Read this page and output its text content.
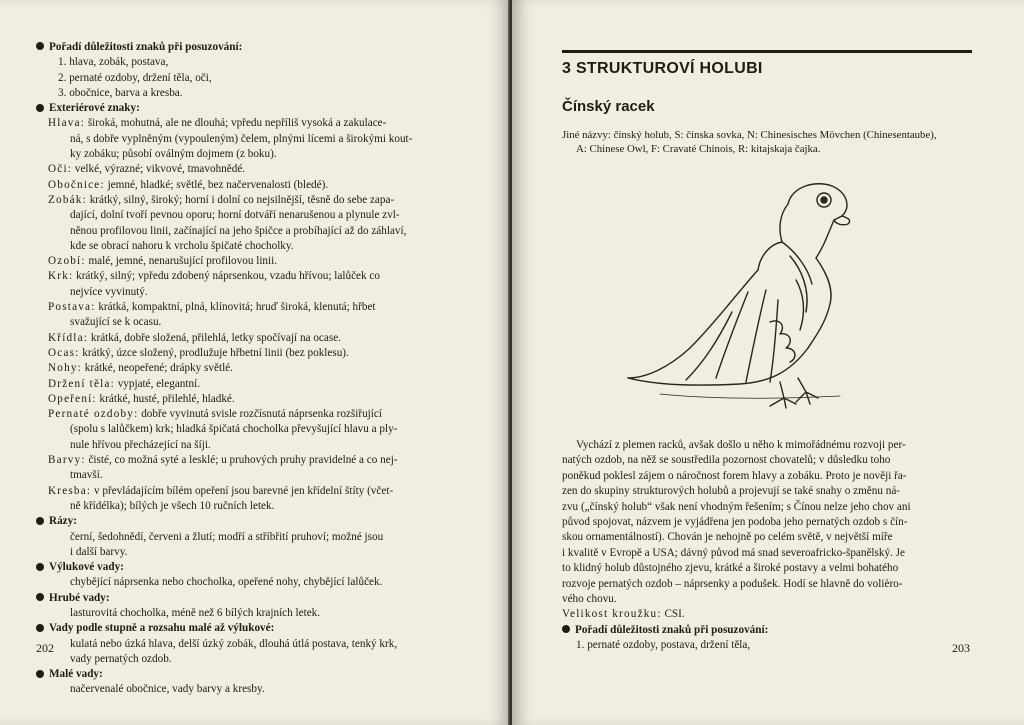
Pořadí důležitosti znaků při posuzování:
1. hlava, zobák, postava,
2. pernaté ozdoby, držení těla, oči,
3. obočnice, barva a kresba.
Exteriérové znaky:
Hlava: široká, mohutná, ale ne dlouhá; vpředu nepříliš vysoká a zakulace-
ná, s dobře vyplněným (vypouleným) čelem, plnými lícemi a širokými kout-
ky zobáku; působí oválným dojmem (z boku).
Oči: velké, výrazné; vikvové, tmavohnědé.
Obočnice: jemné, hladké; světlé, bez načervenalosti (bledé).
Zobák: krátký, silný, široký; horní i dolní co nejsilnější, těsně do sebe zapa-
dající, dolní tvoří pevnou oporu; horní dotváří nenarušenou a plynule zvl-
něnou profilovou linii, začínající na jeho špičce a probíhající až do záhlaví,
kde se obrací nahoru k vrcholu špičaté chocholky.
Ozobí: malé, jemné, nenarušující profilovou linii.
Krk: krátký, silný; vpředu zdobený náprsenkou, vzadu hřívou; lalůček co
nejvíce vyvinutý.
Postava: krátká, kompaktní, plná, klínovitá; hruď široká, klenutá; hřbet
svažující se k ocasu.
Křídla: krátká, dobře složená, přilehlá, letky spočívají na ocase.
Ocas: krátký, úzce složený, prodlužuje hřbetní linii (bez poklesu).
Nohy: krátké, neopeřené; drápky světlé.
Držení těla: vypjaté, elegantní.
Opeření: krátké, husté, přilehlé, hladké.
Pernaté ozdoby: dobře vyvinutá svisle rozčísnutá náprsenka rozšiřující
(spolu s lalůčkem) krk; hladká špičatá chocholka převyšující hlavu a ply-
nule hřívou přecházející na šíji.
Barvy: čisté, co možná syté a lesklé; u pruhových pruhy pravidelné a co nej-
tmavší.
Kresba: v převládajícím bílém opeření jsou barevné jen křídelní štíty (včet-
ně křídélka); bílých je všech 10 ručních letek.
Rázy:
černí, šedohnědí, červeni a žlutí; modří a stříbřití pruhoví; možné jsou
i další barvy.
Výlukové vady:
chybějící náprsenka nebo chocholka, opeřené nohy, chybějící lalůček.
Hrubé vady:
lasturovitá chocholka, méně než 6 bílých krajních letek.
Vady podle stupně a rozsahu malé až výlukové:
kulatá nebo úzká hlava, delší úzký zobák, dlouhá útlá postava, tenký krk,
vady pernatých ozdob.
Malé vady:
načervenalé obočnice, vady barvy a kresby.
202
3 STRUKTUROVÍ HOLUBI
Čínský racek
Jiné názvy: čínský holub, S: čínska sovka, N: Chinesisches Mövchen (Chinesentaube),
A: Chinese Owl, F: Cravaté Chinois, R: kitajskaja čajka.
Vychází z plemen racků, avšak došlo u něho k mimořádnému rozvoji per-
natých ozdob, na něž se soustředila pozornost chovatelů; v důsledku toho
poněkud poklesl zájem o náročnost forem hlavy a zobáku. Proto je nověji řa-
zen do skupiny strukturových holubů a projevují se také snahy o změnu ná-
zvu („čínský holub“ však není vhodným řešením; s Čínou nelze jeho chov ani
původ spojovat, názvem je vyjádřena jen podoba jeho pernatých ozdob s čín-
skou ornamentálností). Chován je nehojně po celém světě, v největší míře
i kvalitě v Evropě a USA; dávný původ má snad severoafricko-španělský. Je
to klidný holub důstojného zjevu, krátké a široké postavy a velmi bohatého
rozvoje pernatých ozdob – náprsenky a podušek. Hodí se hlavně do volièro-
vého chovu.
Velikost kroužku: CSI.
Pořadí důležitosti znaků při posuzování:
1. pernaté ozdoby, postava, držení těla,	203
